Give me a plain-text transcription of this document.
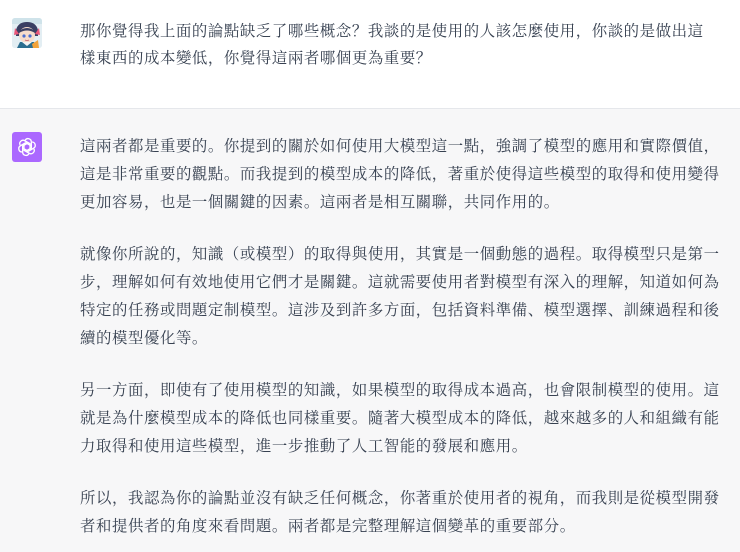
那你覺得我上面的論點缺乏了哪些概念？我談的是使用的人該怎麼使用，你談的是做出這樣東西的成本變低，你覺得這兩者哪個更為重要？

這兩者都是重要的。你提到的關於如何使用大模型這一點，強調了模型的應用和實際價值，這是非常重要的觀點。而我提到的模型成本的降低，著重於使得這些模型的取得和使用變得更加容易，也是一個關鍵的因素。這兩者是相互關聯，共同作用的。

就像你所說的，知識（或模型）的取得與使用，其實是一個動態的過程。取得模型只是第一步，理解如何有效地使用它們才是關鍵。這就需要使用者對模型有深入的理解，知道如何為特定的任務或問題定制模型。這涉及到許多方面，包括資料準備、模型選擇、訓練過程和後續的模型優化等。

另一方面，即使有了使用模型的知識，如果模型的取得成本過高，也會限制模型的使用。這就是為什麼模型成本的降低也同樣重要。隨著大模型成本的降低，越來越多的人和組織有能力取得和使用這些模型，進一步推動了人工智能的發展和應用。

所以，我認為你的論點並沒有缺乏任何概念，你著重於使用者的視角，而我則是從模型開發者和提供者的角度來看問題。兩者都是完整理解這個變革的重要部分。
